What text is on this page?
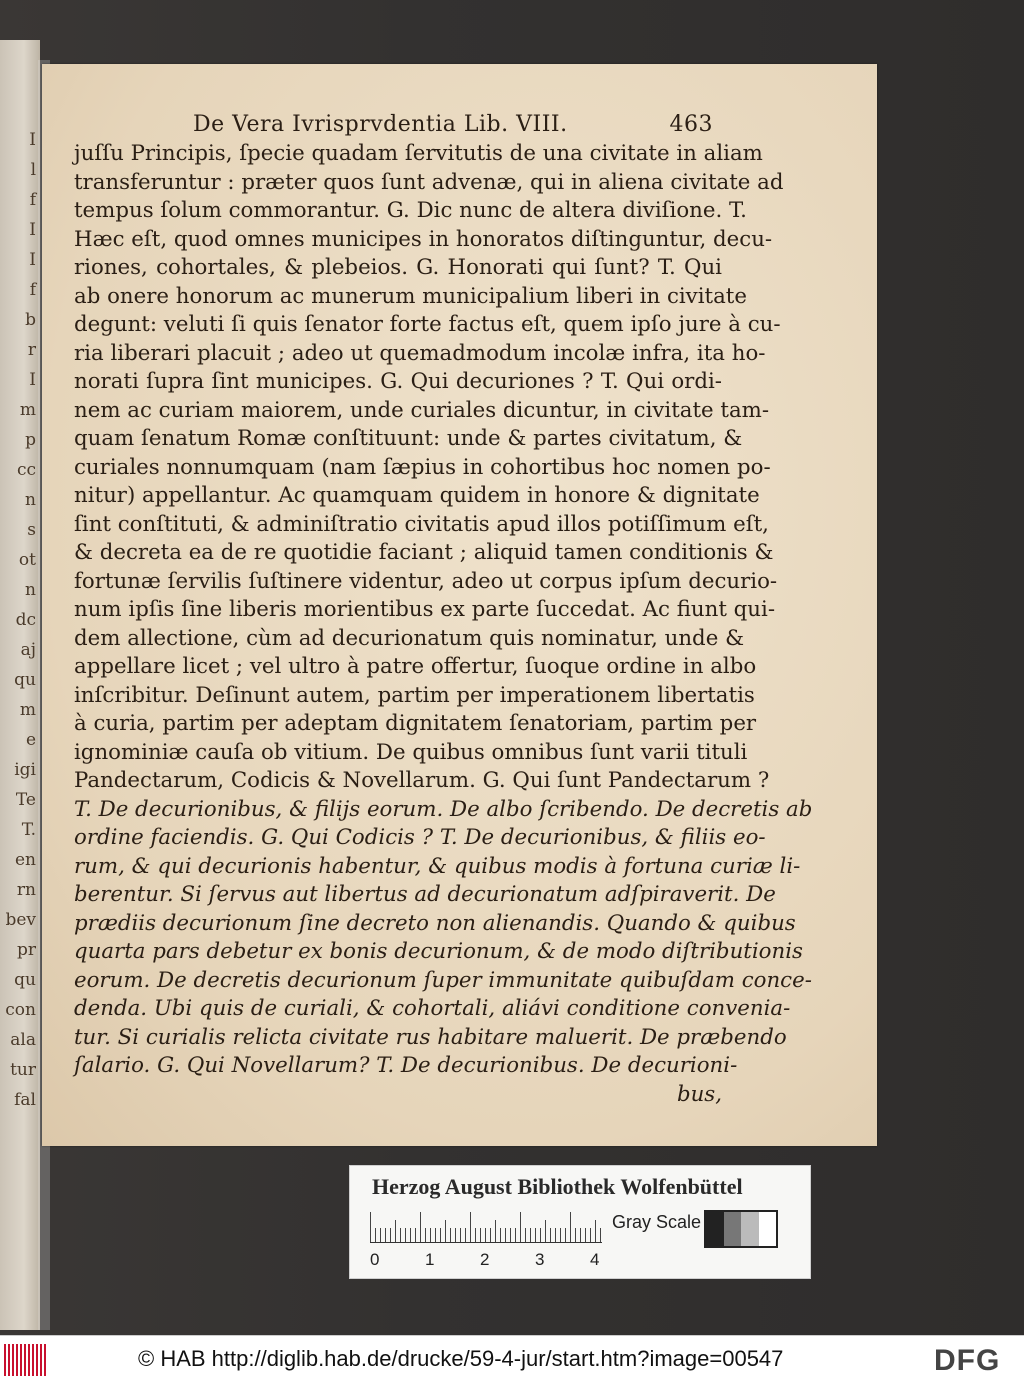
I
l
f
I
I
f
b
r
I
m
p
cc
n
s
ot
n
dc
aj
qu
m
e
igi
Te
T.
en
rn
bev
pr
qu
con
ala
tur
fal
De Vera Ivrisprvdentia Lib. VIII.	463
juſſu Principis, ſpecie quadam ſervitutis de una civitate in aliam
transferuntur : præter quos ſunt advenæ, qui in aliena civitate ad
tempus ſolum commorantur. G. Dic nunc de altera diviſione. T.
Hæc eſt, quod omnes municipes in honoratos diſtinguntur, decu-
riones, cohortales, & plebeios. G. Honorati qui ſunt? T. Qui
ab onere honorum ac munerum municipalium liberi in civitate
degunt: veluti ſi quis ſenator forte factus eſt, quem ipſo jure à cu-
ria liberari placuit ; adeo ut quemadmodum incolæ infra, ita ho-
norati ſupra ſint municipes. G. Qui decuriones ? T. Qui ordi-
nem ac curiam maiorem, unde curiales dicuntur, in civitate tam-
quam ſenatum Romæ conſtituunt: unde & partes civitatum, &
curiales nonnumquam (nam ſæpius in cohortibus hoc nomen po-
nitur) appellantur. Ac quamquam quidem in honore & dignitate
ſint conſtituti, & adminiſtratio civitatis apud illos potiſſimum eſt,
& decreta ea de re quotidie faciant ; aliquid tamen conditionis &
fortunæ ſervilis ſuſtinere videntur, adeo ut corpus ipſum decurio-
num ipſis ſine liberis morientibus ex parte ſuccedat. Ac fiunt qui-
dem allectione, cùm ad decurionatum quis nominatur, unde &
appellare licet ; vel ultro à patre offertur, ſuoque ordine in albo
inſcribitur. Deſinunt autem, partim per imperationem libertatis
à curia, partim per adeptam dignitatem ſenatoriam, partim per
ignominiæ cauſa ob vitium. De quibus omnibus ſunt varii tituli
Pandectarum, Codicis & Novellarum. G. Qui ſunt Pandectarum ?
T. De decurionibus, & filijs eorum. De albo ſcribendo. De decretis ab
ordine faciendis. G. Qui Codicis ? T. De decurionibus, & filiis eo-
rum, & qui decurionis habentur, & quibus modis à fortuna curiæ li-
berentur. Si ſervus aut libertus ad decurionatum adſpiraverit. De
prædiis decurionum ſine decreto non alienandis. Quando & quibus
quarta pars debetur ex bonis decurionum, & de modo diſtributionis
eorum. De decretis decurionum ſuper immunitate quibuſdam conce-
denda. Ubi quis de curiali, & cohortali, aliávi conditione convenia-
tur. Si curialis relicta civitate rus habitare maluerit. De præbendo
ſalario. G. Qui Novellarum? T. De decurionibus. De decurioni-
bus,
Herzog August Bibliothek Wolfenbüttel
0	1	2	3	4
Gray Scale
© HAB http://diglib.hab.de/drucke/59-4-jur/start.htm?image=00547	DFG
